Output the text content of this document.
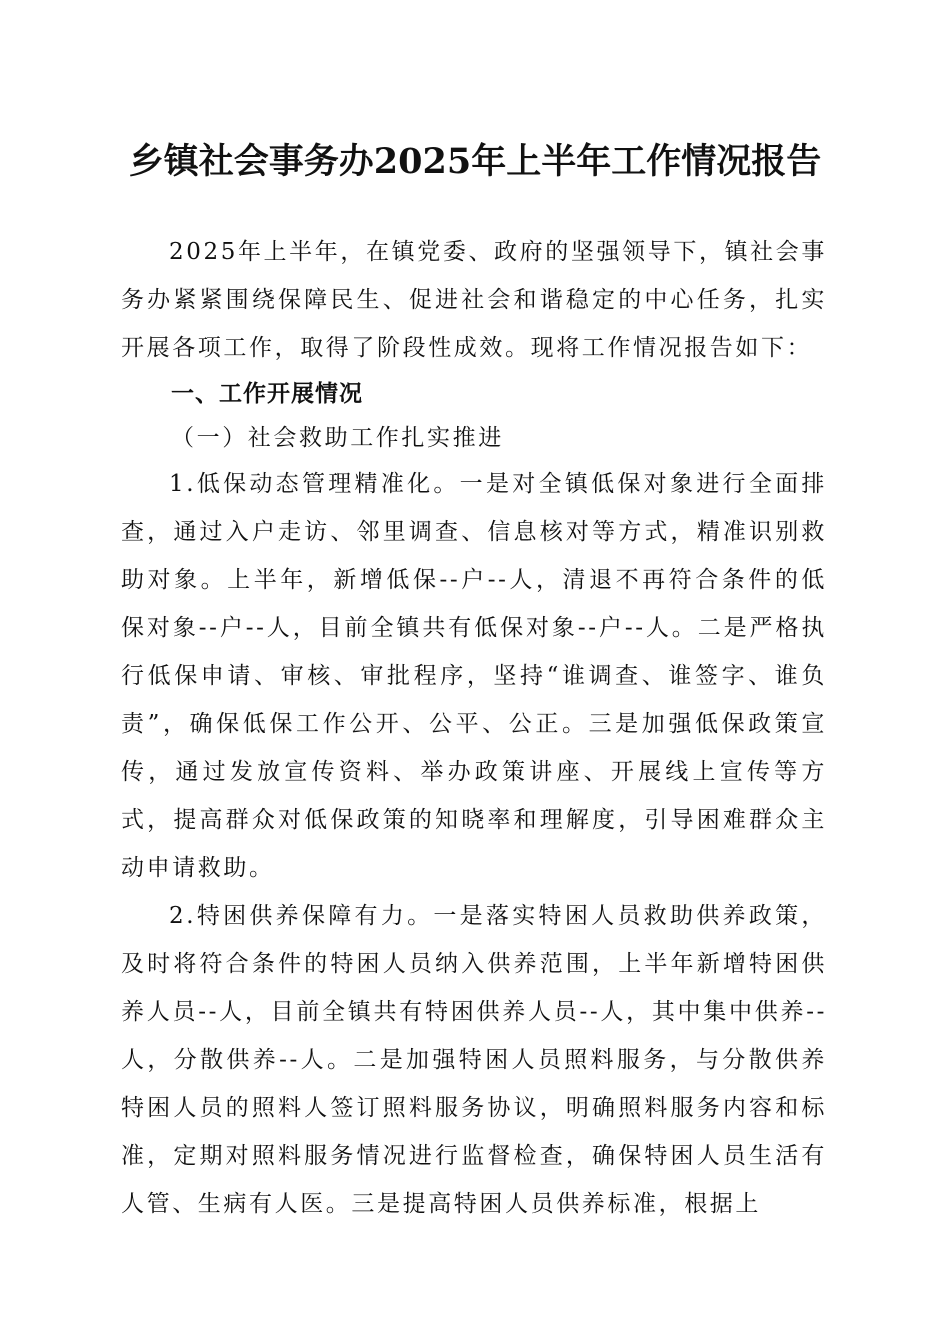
乡镇社会事务办2025年上半年工作情况报告

2025年上半年，在镇党委、政府的坚强领导下，镇社会事务办紧紧围绕保障民生、促进社会和谐稳定的中心任务，扎实开展各项工作，取得了阶段性成效。现将工作情况报告如下：

一、工作开展情况
（一）社会救助工作扎实推进

1.低保动态管理精准化。一是对全镇低保对象进行全面排查，通过入户走访、邻里调查、信息核对等方式，精准识别救助对象。上半年，新增低保--户--人，清退不再符合条件的低保对象--户--人，目前全镇共有低保对象--户--人。二是严格执行低保申请、审核、审批程序，坚持“谁调查、谁签字、谁负责”，确保低保工作公开、公平、公正。三是加强低保政策宣传，通过发放宣传资料、举办政策讲座、开展线上宣传等方式，提高群众对低保政策的知晓率和理解度，引导困难群众主动申请救助。

2.特困供养保障有力。一是落实特困人员救助供养政策，及时将符合条件的特困人员纳入供养范围，上半年新增特困供养人员--人，目前全镇共有特困供养人员--人，其中集中供养--人，分散供养--人。二是加强特困人员照料服务，与分散供养特困人员的照料人签订照料服务协议，明确照料服务内容和标准，定期对照料服务情况进行监督检查，确保特困人员生活有人管、生病有人医。三是提高特困人员供养标准，根据上
